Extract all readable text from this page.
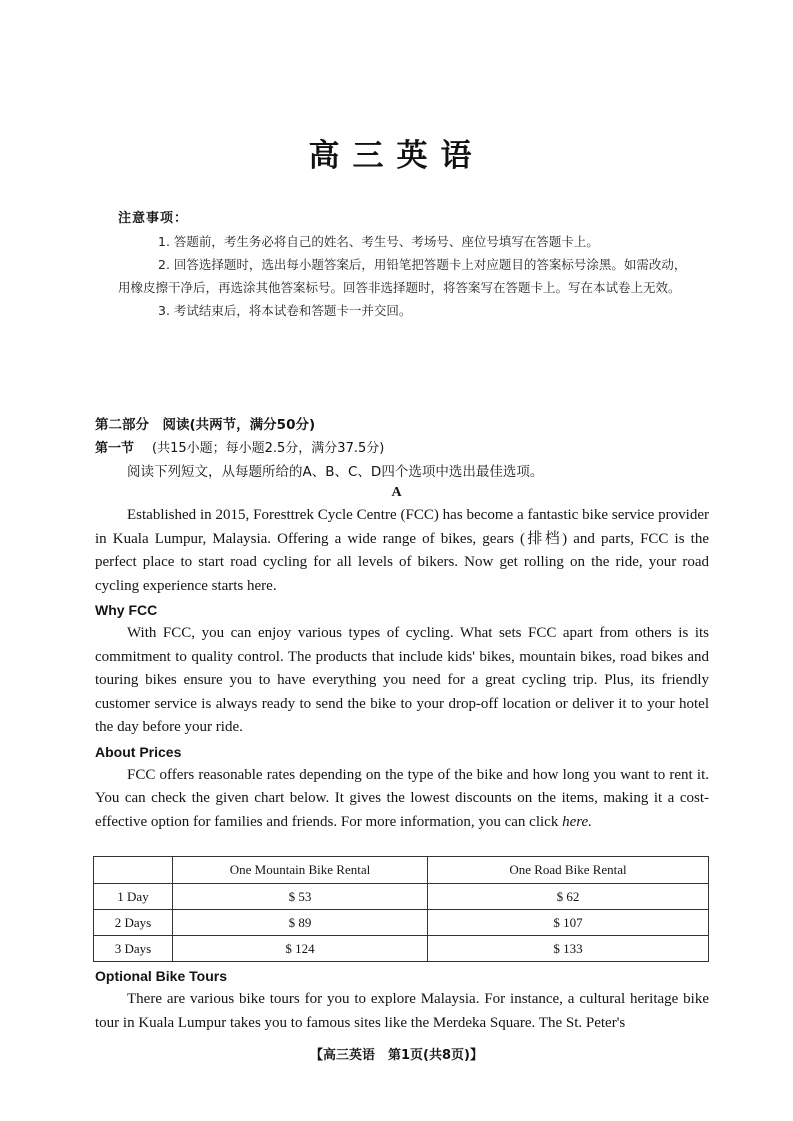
高三英语
注意事项：
1. 答题前，考生务必将自己的姓名、考生号、考场号、座位号填写在答题卡上。
2. 回答选择题时，选出每小题答案后，用铅笔把答题卡上对应题目的答案标号涂黑。如需改动，用橡皮擦干净后，再选涂其他答案标号。回答非选择题时，将答案写在答题卡上。写在本试卷上无效。
3. 考试结束后，将本试卷和答题卡一并交回。
第二部分　阅读(共两节，满分50分)
第一节 (共15小题；每小题2.5分，满分37.5分)
阅读下列短文，从每题所给的A、B、C、D四个选项中选出最佳选项。
A

Established in 2015, Foresttrek Cycle Centre (FCC) has become a fantastic bike service provider in Kuala Lumpur, Malaysia. Offering a wide range of bikes, gears (排档) and parts, FCC is the perfect place to start road cycling for all levels of bikers. Now get rolling on the ride, your road cycling experience starts here.

Why FCC

With FCC, you can enjoy various types of cycling. What sets FCC apart from others is its commitment to quality control. The products that include kids' bikes, mountain bikes, road bikes and touring bikes ensure you to have everything you need for a great cycling trip. Plus, its friendly customer service is always ready to send the bike to your drop-off location or deliver it to your hotel the day before your ride.

About Prices

FCC offers reasonable rates depending on the type of the bike and how long you want to rent it. You can check the given chart below. It gives the lowest discounts on the items, making it a cost-effective option for families and friends. For more information, you can click here.

	One Mountain Bike Rental	One Road Bike Rental
1 Day	$ 53	$ 62
2 Days	$ 89	$ 107
3 Days	$ 124	$ 133
Optional Bike Tours

There are various bike tours for you to explore Malaysia. For instance, a cultural heritage bike tour in Kuala Lumpur takes you to famous sites like the Merdeka Square. The St. Peter's

【高三英语　第1页(共8页)】
